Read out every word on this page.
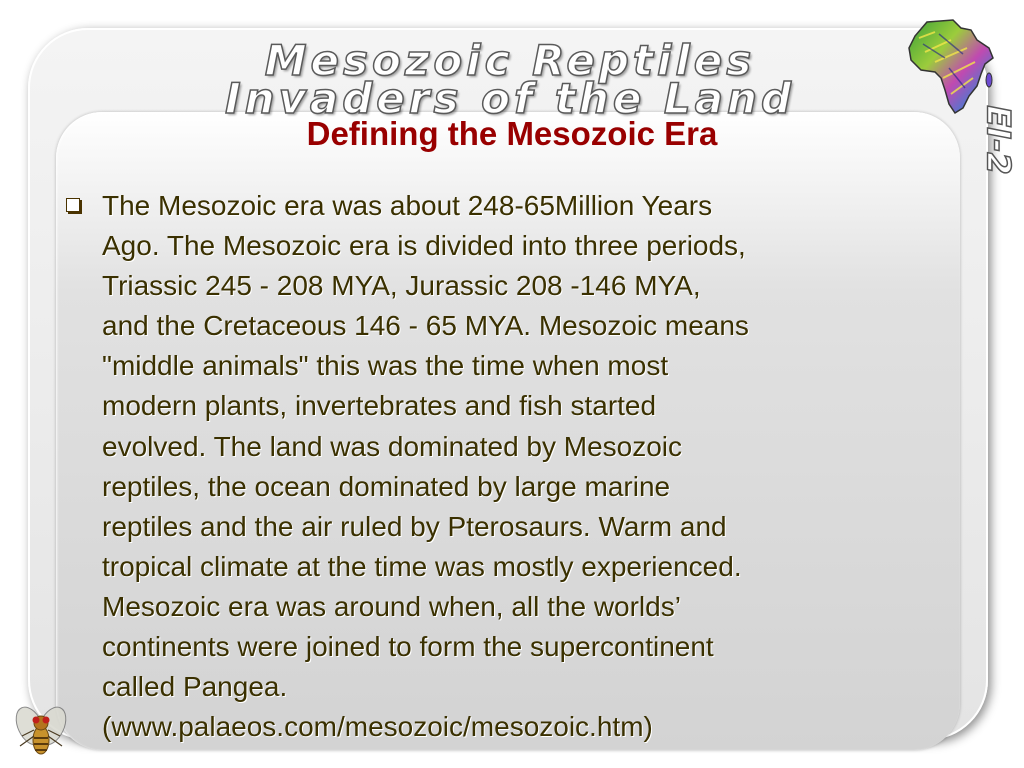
Mesozoic Reptiles
Invaders of the Land
Defining the Mesozoic Era
The Mesozoic era was about 248-65Million Years
Ago. The Mesozoic era is divided into three periods,
Triassic 245 - 208 MYA, Jurassic 208 -146 MYA,
and the Cretaceous 146 - 65 MYA. Mesozoic means
"middle animals" this was the time when most
modern plants, invertebrates and fish started
evolved. The land was dominated by Mesozoic
reptiles, the ocean dominated by large marine
reptiles and the air ruled by Pterosaurs. Warm and
tropical climate at the time was mostly experienced.
Mesozoic era was around when, all the worlds’
continents were joined to form the supercontinent
called Pangea.
(www.palaeos.com/mesozoic/mesozoic.htm)
EI-2
